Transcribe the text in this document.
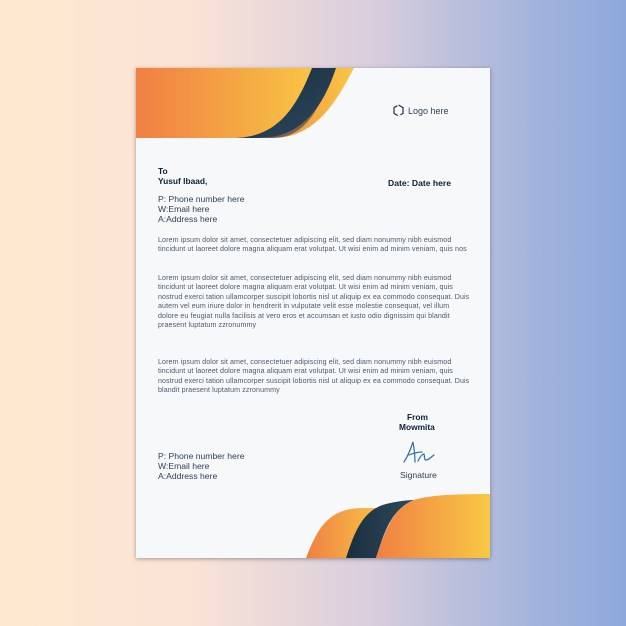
Logo here
To
Yusuf Ibaad,	Date: Date here
P: Phone number here
W:Email here
A:Address here
Lorem ipsum dolor sit amet, consectetuer adipiscing elit, sed diam nonummy nibh euismod tincidunt ut laoreet dolore magna aliquam erat volutpat. Ut wisi enim ad minim veniam, quis nos
Lorem ipsum dolor sit amet, consectetuer adipiscing elit, sed diam nonummy nibh euismod tincidunt ut laoreet dolore magna aliquam erat volutpat. Ut wisi enim ad minim veniam, quis nostrud exerci tation ullamcorper suscipit lobortis nisl ut aliquip ex ea commodo consequat. Duis autem vel eum iriure dolor in hendrerit in vulputate velit esse molestie consequat, vel illum dolore eu feugiat nulla facilisis at vero eros et accumsan et iusto odio dignissim qui blandit praesent luptatum zzronummy
Lorem ipsum dolor sit amet, consectetuer adipiscing elit, sed diam nonummy nibh euismod tincidunt ut laoreet dolore magna aliquam erat volutpat. Ut wisi enim ad minim veniam, quis nostrud exerci tation ullamcorper suscipit lobortis nisl ut aliquip ex ea commodo consequat. Duis blandit praesent luptatum zzronummy
From
Mowmita
Signature
P: Phone number here
W:Email here
A:Address here
